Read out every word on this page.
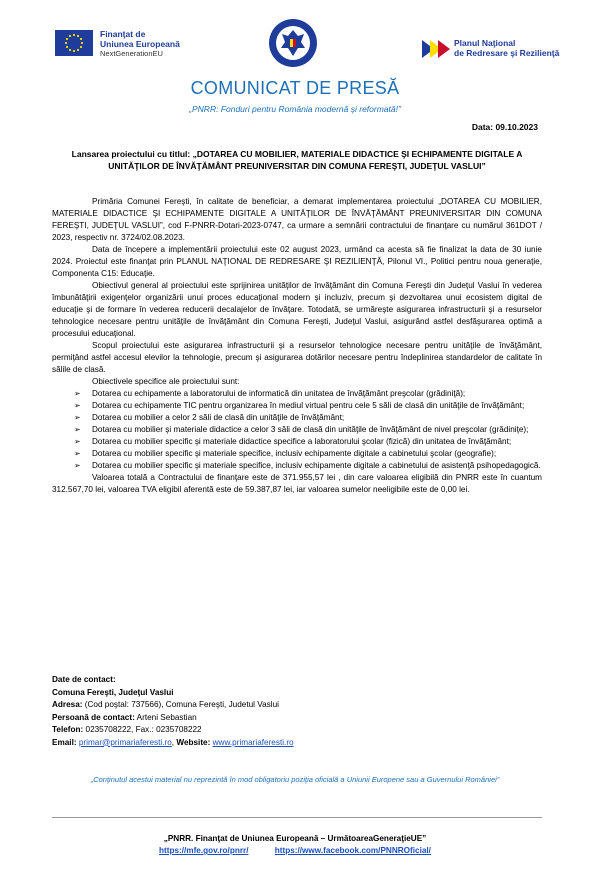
Finanţat de
Uniunea Europeană
NextGenerationEU
Planul Naţional
de Redresare şi Rezilienţă
COMUNICAT DE PRESĂ
„PNRR: Fonduri pentru România modernă şi reformată!”
Data: 09.10.2023
Lansarea proiectului cu titlul: „DOTAREA CU MOBILIER, MATERIALE DIDACTICE ŞI ECHIPAMENTE DIGITALE A UNITĂŢILOR DE ÎNVĂŢĂMÂNT PREUNIVERSITAR DIN COMUNA FEREŞTI, JUDEŢUL VASLUI”

Primăria Comunei Fereşti, în calitate de beneficiar, a demarat implementarea proiectului „DOTAREA CU MOBILIER, MATERIALE DIDACTICE ŞI ECHIPAMENTE DIGITALE A UNITĂŢILOR DE ÎNVĂŢĂMÂNT PREUNIVERSITAR DIN COMUNA FEREŞTI, JUDEŢUL VASLUI”, cod F-PNRR-Dotari-2023-0747, ca urmare a semnării contractului de finanţare cu numărul 361DOT / 2023, respectiv nr. 3724/02.08.2023.

Data de începere a implementării proiectului este 02 august 2023, urmând ca acesta să fie finalizat la data de 30 iunie 2024. Proiectul este finanţat prin PLANUL NAŢIONAL DE REDRESARE ŞI REZILIENŢĂ, Pilonul VI., Politici pentru noua generaţie, Componenta C15: Educaţie.

Obiectivul general al proiectului este sprijinirea unităţilor de învăţământ din Comuna Fereşti din Judeţul Vaslui în vederea îmbunătăţirii exigenţelor organizării unui proces educaţional modern şi incluziv, precum şi dezvoltarea unui ecosistem digital de educaţie şi de formare în vederea reducerii decalajelor de învăţare. Totodată, se urmăreşte asigurarea infrastructurii şi a resurselor tehnologice necesare pentru unităţile de învăţământ din Comuna Fereşti, Judeţul Vaslui, asigurând astfel desfăşurarea optimă a procesului educaţional.

Scopul proiectului este asigurarea infrastructurii şi a resurselor tehnologice necesare pentru unităţile de învăţământ, permiţând astfel accesul elevilor la tehnologie, precum şi asigurarea dotărilor necesare pentru îndeplinirea standardelor de calitate în sălile de clasă.

Obiectivele specifice ale proiectului sunt:

➢ Dotarea cu echipamente a laboratorului de informatică din unitatea de învăţământ preşcolar (grădiniţă);
➢ Dotarea cu echipamente TIC pentru organizarea în mediul virtual pentru cele 5 săli de clasă din unităţile de învăţământ;
➢ Dotarea cu mobilier a celor 2 săli de clasă din unităţile de învăţământ;
➢ Dotarea cu mobilier şi materiale didactice a celor 3 săli de clasă din unităţile de învăţământ de nivel preşcolar (grădiniţe);
➢ Dotarea cu mobilier specific şi materiale didactice specifice a laboratorului şcolar (fizică) din unitatea de învăţământ;
➢ Dotarea cu mobilier specific şi materiale specifice, inclusiv echipamente digitale a cabinetului şcolar (geografie);
➢ Dotarea cu mobilier specific şi materiale specifice, inclusiv echipamente digitale a cabinetului de asistenţă psihopedagogică.

Valoarea totală a Contractului de finanţare este de 371.955,57 lei , din care valoarea eligibilă din PNRR este în cuantum 312.567,70 lei, valoarea TVA eligibil aferentă este de 59.387,87 lei, iar valoarea sumelor neeligibile este de 0,00 lei.

Date de contact:
Comuna Fereşti, Judeţul Vaslui
Adresa: (Cod poştal: 737566), Comuna Fereşti, Judetul Vaslui
Persoană de contact: Arteni Sebastian
Telefon: 0235708222, Fax.: 0235708222
Email: primar@primariaferesti.ro, Website: www.primariaferesti.ro
„Conţinutul acestui material nu reprezintă în mod obligatoriu poziţia oficială a Uniunii Europene sau a Guvernului României”
„PNRR. Finanţat de Uniunea Europeană – UrmătoareaGeneraţieUE”
https://mfe.gov.ro/pnrr/	https://www.facebook.com/PNNROficial/
